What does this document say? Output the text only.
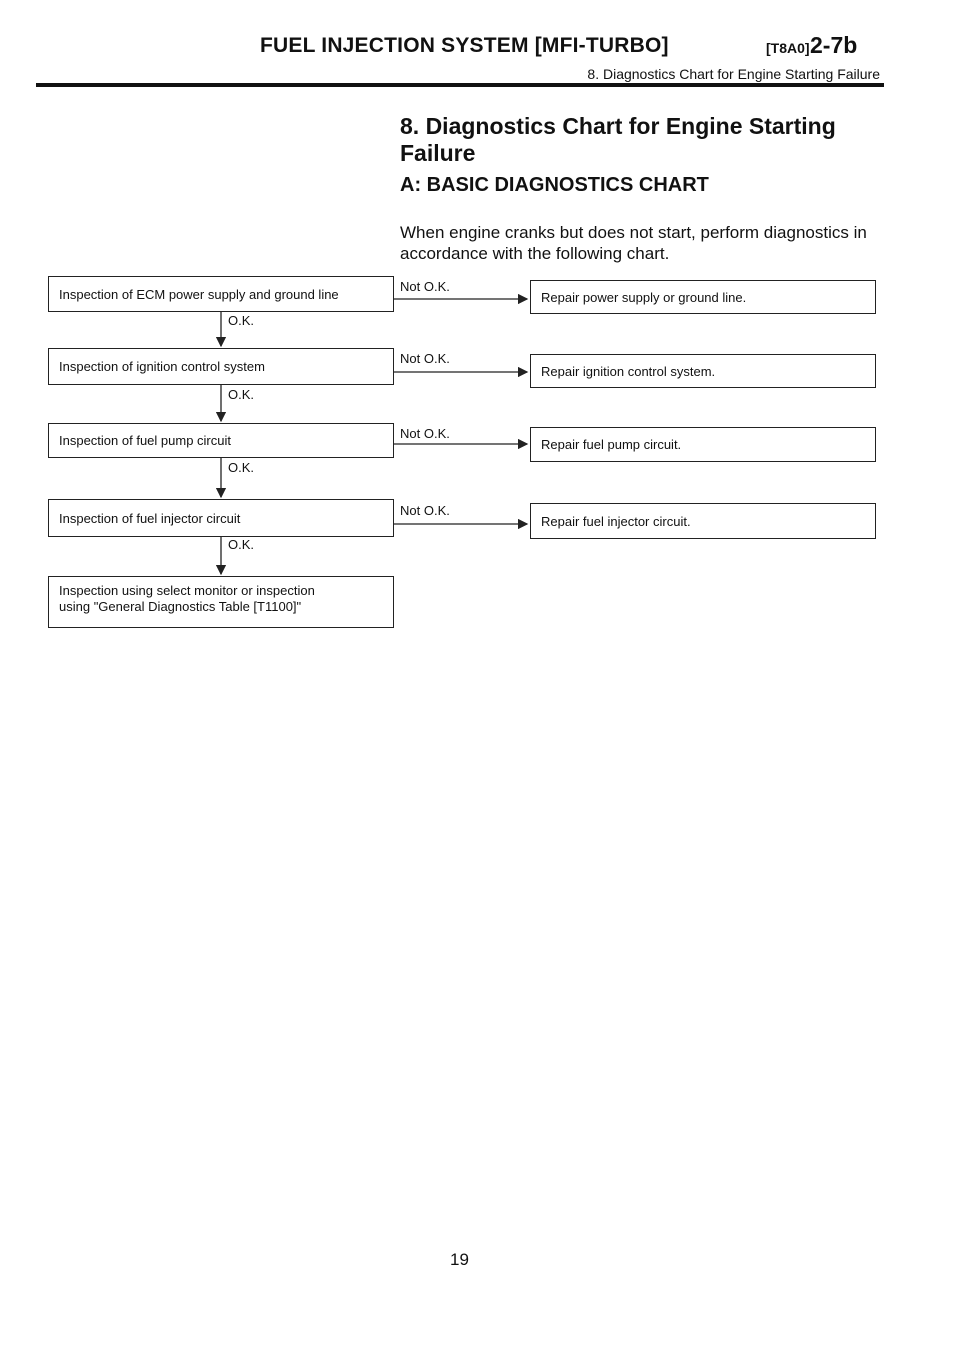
FUEL INJECTION SYSTEM [MFI-TURBO]	[T8A0] 2-7b
8. Diagnostics Chart for Engine Starting Failure
8. Diagnostics Chart for Engine Starting Failure
A: BASIC DIAGNOSTICS CHART
When engine cranks but does not start, perform diagnostics in accordance with the following chart.
Inspection of ECM power supply and ground line	Not O.K.
Repair power supply or ground line.
O.K.
Inspection of ignition control system
Not O.K.
Repair ignition control system.
O.K.
Inspection of fuel pump circuit	Not O.K.
Repair fuel pump circuit.
O.K.
Inspection of fuel injector circuit	Not O.K.
Repair fuel injector circuit.
O.K.
Inspection using select monitor or inspection
using "General Diagnostics Table [T1100]"
19
